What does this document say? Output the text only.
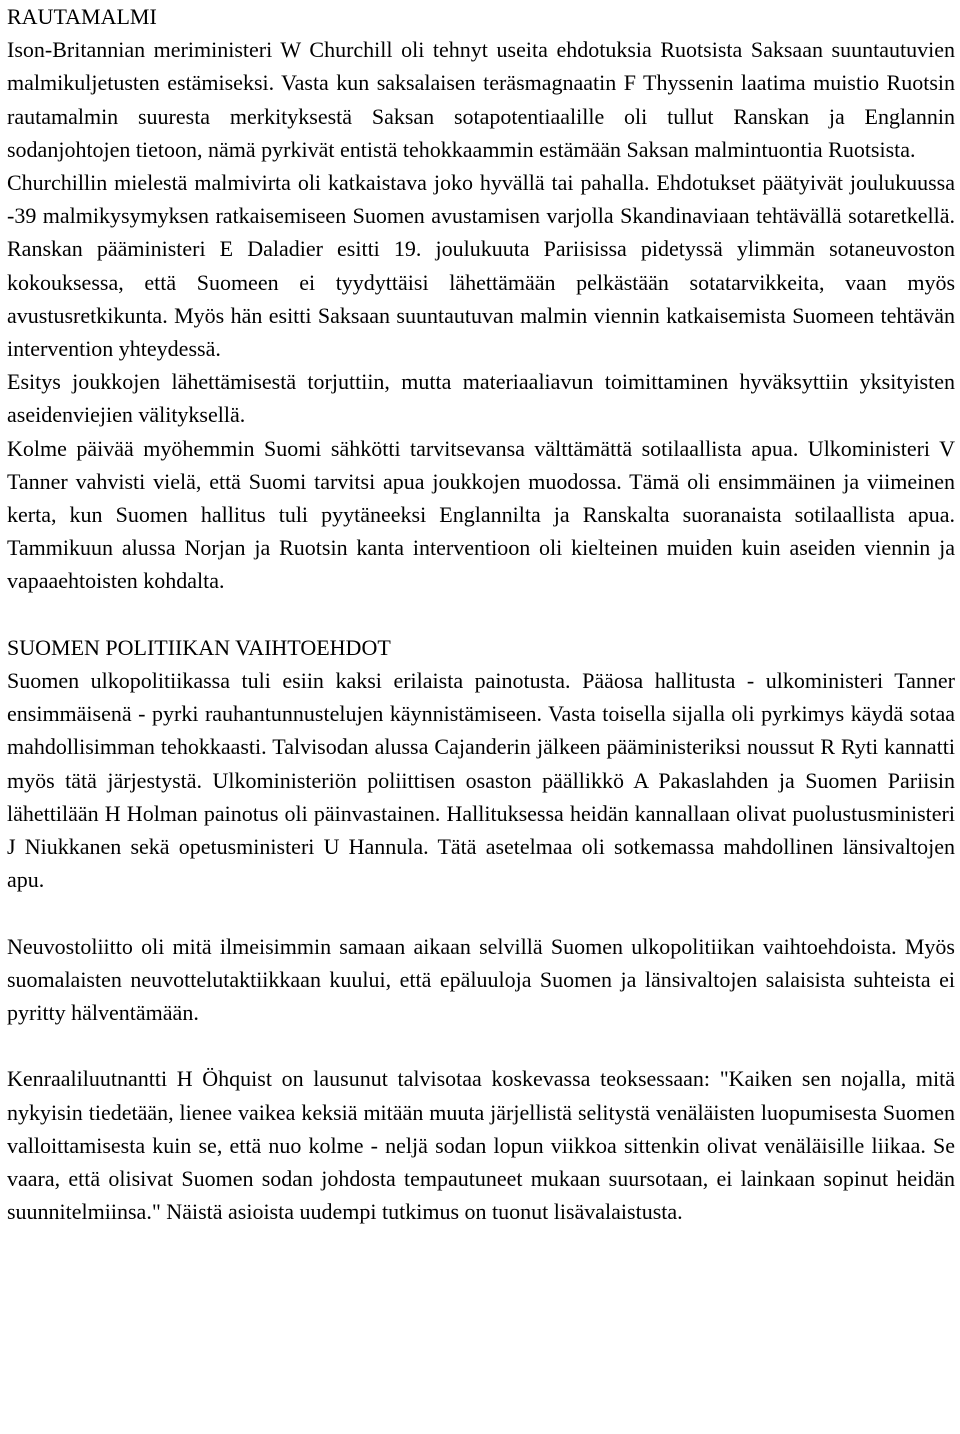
RAUTAMALMI

Ison-Britannian meriministeri W Churchill oli tehnyt useita ehdotuksia Ruotsista Saksaan suuntautuvien malmikuljetusten estämiseksi. Vasta kun saksalaisen teräsmagnaatin F Thyssenin laatima muistio Ruotsin rautamalmin suuresta merkityksestä Saksan sotapotentiaalille oli tullut Ranskan ja Englannin sodanjohtojen tietoon, nämä pyrkivät entistä tehokkaammin estämään Saksan malmintuontia Ruotsista.

Churchillin mielestä malmivirta oli katkaistava joko hyvällä tai pahalla. Ehdotukset päätyivät joulukuussa -39 malmikysymyksen ratkaisemiseen Suomen avustamisen varjolla Skandinaviaan tehtävällä sotaretkellä. Ranskan pääministeri E Daladier esitti 19. joulukuuta Pariisissa pidetyssä ylimmän sotaneuvoston kokouksessa, että Suomeen ei tyydyttäisi lähettämään pelkästään sotatarvikkeita, vaan myös avustusretkikunta. Myös hän esitti Saksaan suuntautuvan malmin viennin katkaisemista Suomeen tehtävän intervention yhteydessä.

Esitys joukkojen lähettämisestä torjuttiin, mutta materiaaliavun toimittaminen hyväksyttiin yksityisten aseidenviejien välityksellä.

Kolme päivää myöhemmin Suomi sähkötti tarvitsevansa välttämättä sotilaallista apua. Ulkoministeri V Tanner vahvisti vielä, että Suomi tarvitsi apua joukkojen muodossa. Tämä oli ensimmäinen ja viimeinen kerta, kun Suomen hallitus tuli pyytäneeksi Englannilta ja Ranskalta suoranaista sotilaallista apua. Tammikuun alussa Norjan ja Ruotsin kanta interventioon oli kielteinen muiden kuin aseiden viennin ja vapaaehtoisten kohdalta.

SUOMEN POLITIIKAN VAIHTOEHDOT

Suomen ulkopolitiikassa tuli esiin kaksi erilaista painotusta. Pääosa hallitusta - ulkoministeri Tanner ensimmäisenä - pyrki rauhantunnustelujen käynnistämiseen. Vasta toisella sijalla oli pyrkimys käydä sotaa mahdollisimman tehokkaasti. Talvisodan alussa Cajanderin jälkeen pääministeriksi noussut R Ryti kannatti myös tätä järjestystä. Ulkoministeriön poliittisen osaston päällikkö A Pakaslahden ja Suomen Pariisin lähettilään H Holman painotus oli päinvastainen. Hallituksessa heidän kannallaan olivat puolustusministeri J Niukkanen sekä opetusministeri U Hannula. Tätä asetelmaa oli sotkemassa mahdollinen länsivaltojen apu.

Neuvostoliitto oli mitä ilmeisimmin samaan aikaan selvillä Suomen ulkopolitiikan vaihtoehdoista. Myös suomalaisten neuvottelutaktiikkaan kuului, että epäluuloja Suomen ja länsivaltojen salaisista suhteista ei pyritty hälventämään.

Kenraaliluutnantti H Öhquist on lausunut talvisotaa koskevassa teoksessaan: "Kaiken sen nojalla, mitä nykyisin tiedetään, lienee vaikea keksiä mitään muuta järjellistä selitystä venäläisten luopumisesta Suomen valloittamisesta kuin se, että nuo kolme - neljä sodan lopun viikkoa sittenkin olivat venäläisille liikaa. Se vaara, että olisivat Suomen sodan johdosta tempautuneet mukaan suursotaan, ei lainkaan sopinut heidän suunnitelmiinsa." Näistä asioista uudempi tutkimus on tuonut lisävalaistusta.
